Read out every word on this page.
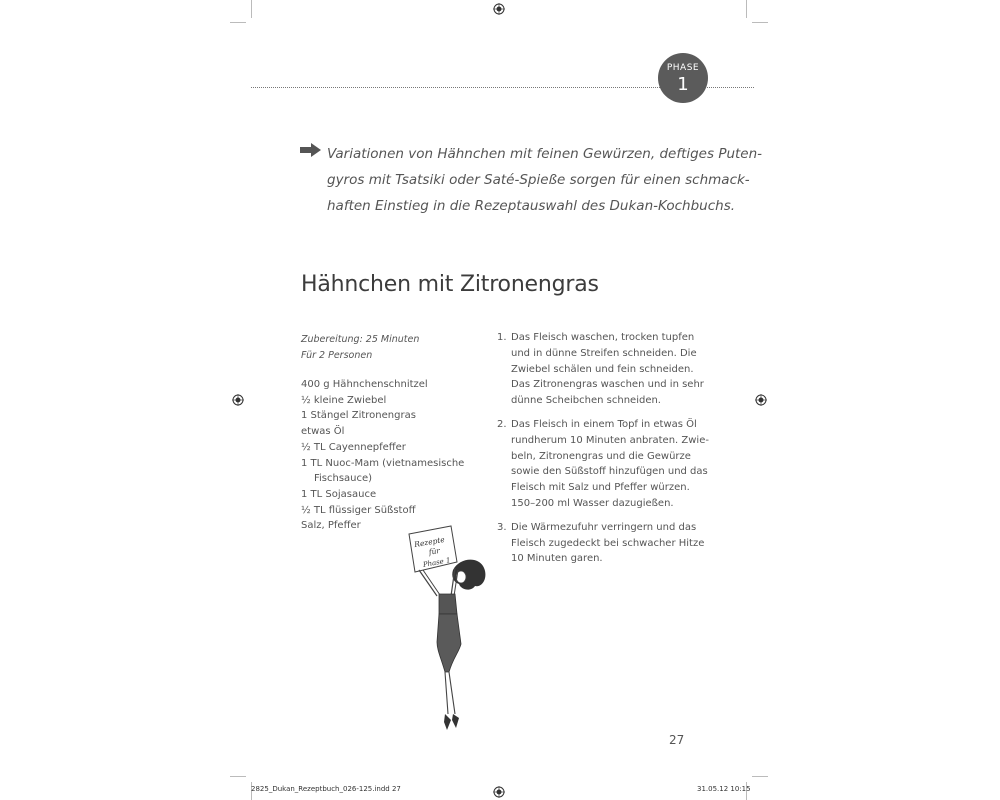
PHASE
1
Variationen von Hähnchen mit feinen Gewürzen, deftiges Puten-
gyros mit Tsatsiki oder Saté-Spieße sorgen für einen schmack-
haften Einstieg in die Rezeptauswahl des Dukan-Kochbuchs.
Hähnchen mit Zitronengras
Zubereitung: 25 Minuten
Für 2 Personen
400 g Hähnchenschnitzel
½ kleine Zwiebel
1 Stängel Zitronengras
etwas Öl
½ TL Cayennepfeffer
1 TL Nuoc-Mam (vietnamesische
Fischsauce)
1 TL Sojasauce
½ TL flüssiger Süßstoff
Salz, Pfeffer
1. Das Fleisch waschen, trocken tupfen
und in dünne Streifen schneiden. Die
Zwiebel schälen und fein schneiden.
Das Zitronengras waschen und in sehr
dünne Scheibchen schneiden.
2. Das Fleisch in einem Topf in etwas Öl
rundherum 10 Minuten anbraten. Zwie-
beln, Zitronengras und die Gewürze
sowie den Süßstoff hinzufügen und das
Fleisch mit Salz und Pfeffer würzen.
150–200 ml Wasser dazugießen.
3. Die Wärmezufuhr verringern und das
Fleisch zugedeckt bei schwacher Hitze
10 Minuten garen.
Rezepte
für
Phase 1
27
2825_Dukan_Rezeptbuch_026-125.indd 27	31.05.12 10:15
